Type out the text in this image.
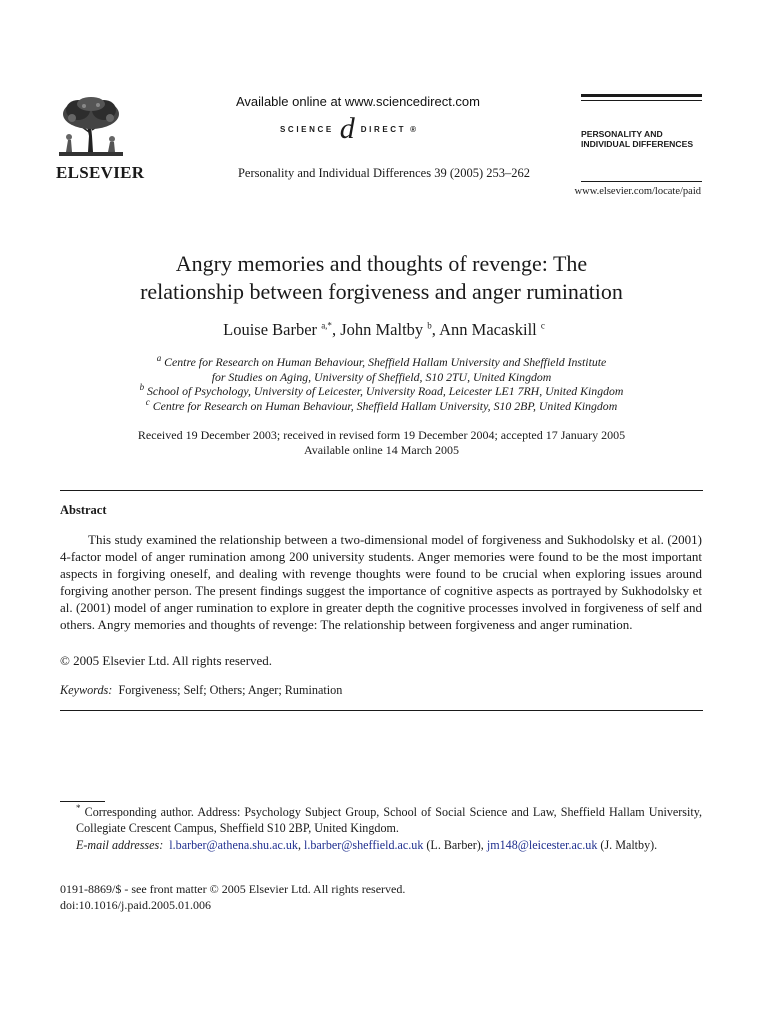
ELSEVIER
Available online at www.sciencedirect.com
SCIENCE d DIRECT ®
Personality and Individual Differences 39 (2005) 253–262
PERSONALITY AND
INDIVIDUAL DIFFERENCES
www.elsevier.com/locate/paid
Angry memories and thoughts of revenge: The
relationship between forgiveness and anger rumination
Louise Barber $^{a,*}$, John Maltby $^b$, Ann Macaskill $^c$
$^a$ Centre for Research on Human Behaviour, Sheffield Hallam University and Sheffield Institute
for Studies on Aging, University of Sheffield, S10 2TU, United Kingdom
$^b$ School of Psychology, University of Leicester, University Road, Leicester LE1 7RH, United Kingdom
$^c$ Centre for Research on Human Behaviour, Sheffield Hallam University, S10 2BP, United Kingdom
Received 19 December 2003; received in revised form 19 December 2004; accepted 17 January 2005
Available online 14 March 2005
Abstract

This study examined the relationship between a two-dimensional model of forgiveness and Sukhodolsky et al. (2001) 4-factor model of anger rumination among 200 university students. Anger memories were found to be the most important aspects in forgiving oneself, and dealing with revenge thoughts were found to be crucial when exploring issues around forgiving another person. The present findings suggest the importance of cognitive aspects as portrayed by Sukhodolsky et al. (2001) model of anger rumination to explore in greater depth the cognitive processes involved in forgiveness of self and others. Angry memories and thoughts of revenge: The relationship between forgiveness and anger rumination.

© 2005 Elsevier Ltd. All rights reserved.
Keywords: Forgiveness; Self; Others; Anger; Rumination

* Corresponding author. Address: Psychology Subject Group, School of Social Science and Law, Sheffield Hallam University, Collegiate Crescent Campus, Sheffield S10 2BP, United Kingdom.

E-mail addresses: l.barber@athena.shu.ac.uk, l.barber@sheffield.ac.uk (L. Barber), jm148@leicester.ac.uk (J. Maltby).

0191-8869/$ - see front matter © 2005 Elsevier Ltd. All rights reserved.
doi:10.1016/j.paid.2005.01.006
